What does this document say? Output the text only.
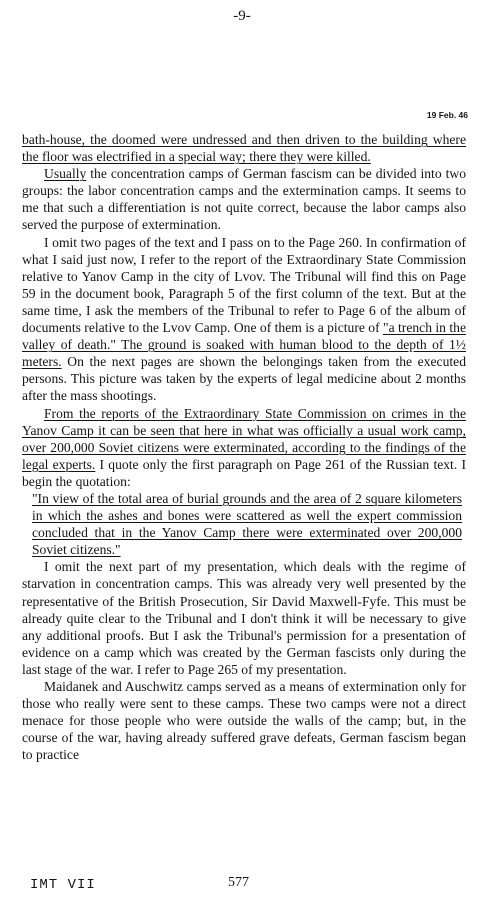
-9-
19 Feb. 46

bath-house, the doomed were undressed and then driven to the building where the floor was electrified in a special way; there they were killed.

Usually the concentration camps of German fascism can be divided into two groups: the labor concentration camps and the extermination camps. It seems to me that such a differentiation is not quite correct, because the labor camps also served the purpose of extermination.

I omit two pages of the text and I pass on to the Page 260. In confirmation of what I said just now, I refer to the report of the Extraordinary State Commission relative to Yanov Camp in the city of Lvov. The Tribunal will find this on Page 59 in the document book, Paragraph 5 of the first column of the text. But at the same time, I ask the members of the Tribunal to refer to Page 6 of the album of documents relative to the Lvov Camp. One of them is a picture of "a trench in the valley of death." The ground is soaked with human blood to the depth of 1½ meters. On the next pages are shown the belongings taken from the executed persons. This picture was taken by the experts of legal medicine about 2 months after the mass shootings.

From the reports of the Extraordinary State Commission on crimes in the Yanov Camp it can be seen that here in what was officially a usual work camp, over 200,000 Soviet citizens were exterminated, according to the findings of the legal experts. I quote only the first paragraph on Page 261 of the Russian text. I begin the quotation:

"In view of the total area of burial grounds and the area of 2 square kilometers in which the ashes and bones were scattered as well the expert commission concluded that in the Yanov Camp there were exterminated over 200,000 Soviet citizens."

I omit the next part of my presentation, which deals with the regime of starvation in concentration camps. This was already very well presented by the representative of the British Prosecution, Sir David Maxwell-Fyfe. This must be already quite clear to the Tribunal and I don't think it will be necessary to give any additional proofs. But I ask the Tribunal's permission for a presentation of evidence on a camp which was created by the German fascists only during the last stage of the war. I refer to Page 265 of my presentation.

Maidanek and Auschwitz camps served as a means of extermination only for those who really were sent to these camps. These two camps were not a direct menace for those people who were outside the walls of the camp; but, in the course of the war, having already suffered grave defeats, German fascism began to practice

IMT VII	577
